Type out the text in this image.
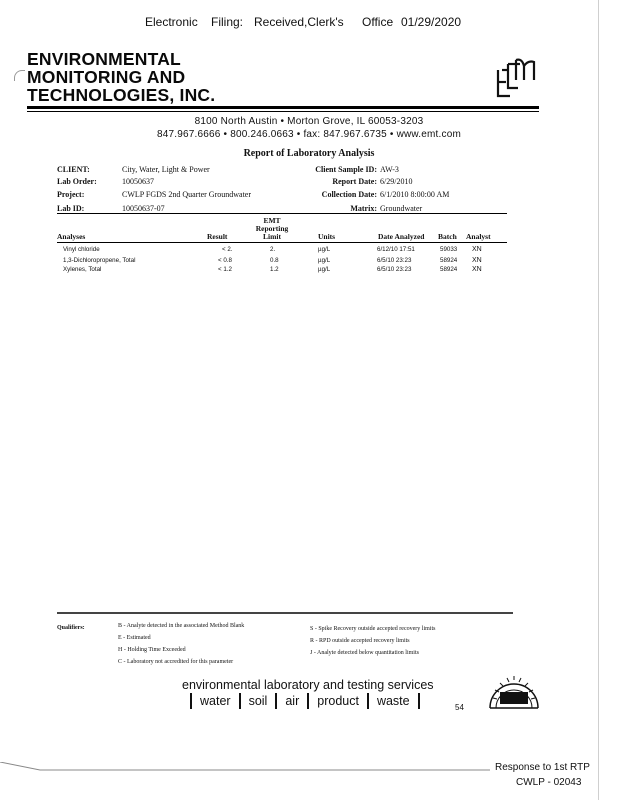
Electronic Filing: Received,Clerk's Office 01/29/2020
ENVIRONMENTAL
MONITORING AND
TECHNOLOGIES, INC.
8100 North Austin • Morton Grove, IL 60053-3203
847.967.6666 • 800.246.0663 • fax: 847.967.6735 • www.emt.com
Report of Laboratory Analysis
CLIENT:	City, Water, Light & Power
Lab Order:	10050637
Project:	CWLP FGDS 2nd Quarter Groundwater
Lab ID:	10050637-07
Client Sample ID: AW-3
Report Date: 6/29/2010
Collection Date: 6/1/2010 8:00:00 AM
Matrix: Groundwater
Analyses	Result
EMT
Reporting
Limit	Units	Date Analyzed Batch Analyst
Vinyl chloride	< 2.	2.	µg/L	6/12/10 17:51	59033 XN
1,3-Dichloropropene, Total	< 0.8	0.8	µg/L	6/5/10 23:23	58924 XN
Xylenes, Total	< 1.2	1.2	µg/L	6/5/10 23:23	58924 XN
Qualifiers:	B - Analyte detected in the associated Method Blank
E - Estimated
H - Holding Time Exceeded
C - Laboratory not accredited for this parameter
S - Spike Recovery outside accepted recovery limits
R - RPD outside accepted recovery limits
J - Analyte detected below quantitation limits
environmental laboratory and testing services
water soil air product waste	54
Response to 1st RTP
CWLP - 02043
